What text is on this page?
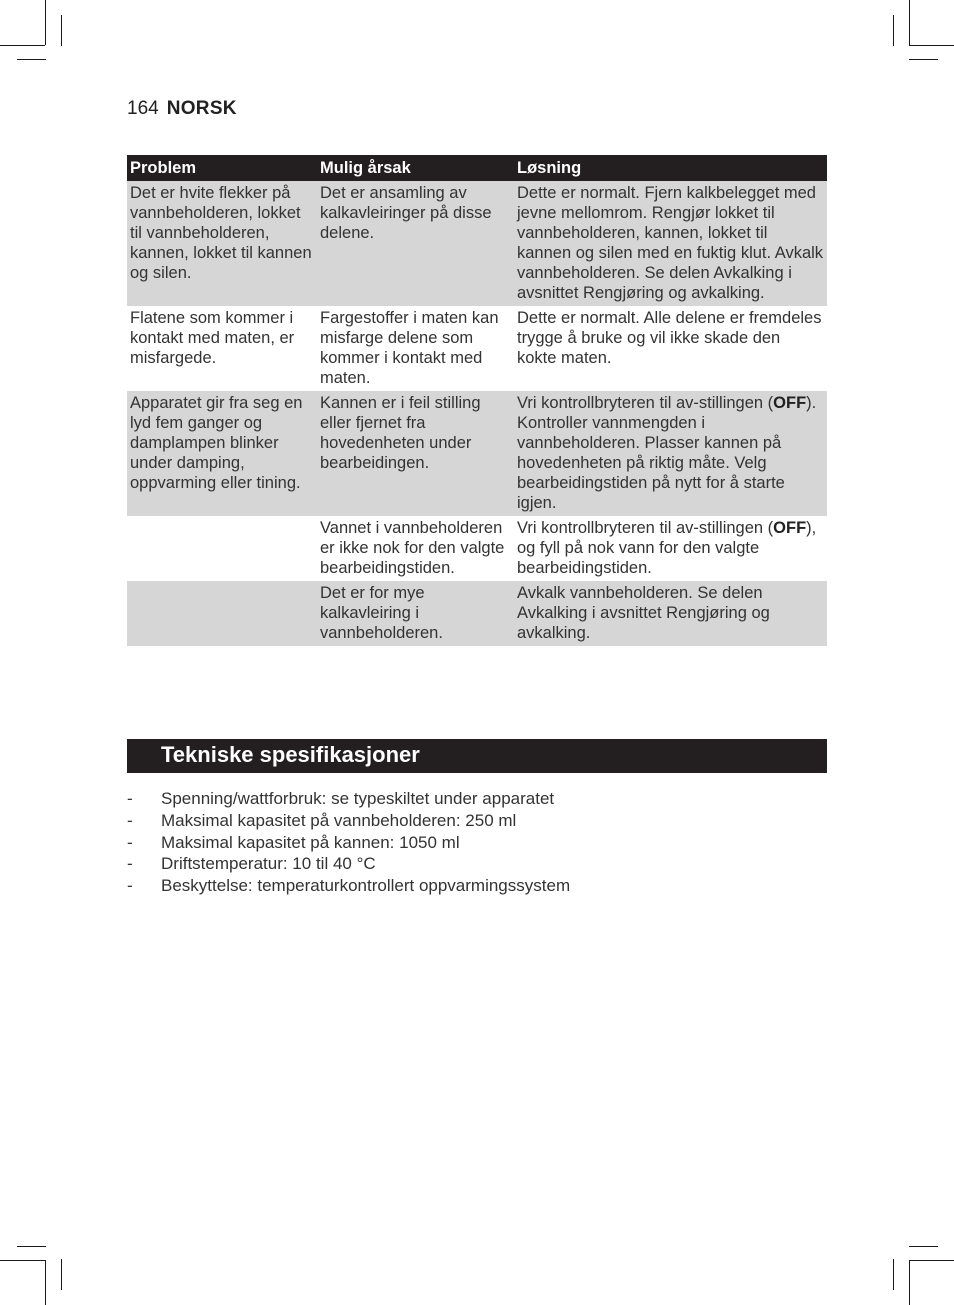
164 NORSK
Problem	Mulig årsak	Løsning
Det er hvite flekker på vannbeholderen, lokket til vannbeholderen, kannen, lokket til kannen og silen.	Det er ansamling av kalkavleiringer på disse delene.	Dette er normalt. Fjern kalkbelegget med jevne mellomrom. Rengjør lokket til vannbeholderen, kannen, lokket til kannen og silen med en fuktig klut. Avkalk vannbeholderen. Se delen Avkalking i avsnittet Rengjøring og avkalking.
Flatene som kommer i kontakt med maten, er misfargede.	Fargestoffer i maten kan misfarge delene som kommer i kontakt med maten.	Dette er normalt. Alle delene er fremdeles trygge å bruke og vil ikke skade den kokte maten.
Apparatet gir fra seg en lyd fem ganger og damplampen blinker under damping, oppvarming eller tining.	Kannen er i feil stilling eller fjernet fra hovedenheten under bearbeidingen.	Vri kontrollbryteren til av-stillingen (OFF). Kontroller vannmengden i vannbeholderen. Plasser kannen på hovedenheten på riktig måte. Velg bearbeidingstiden på nytt for å starte igjen.
	Vannet i vannbeholderen er ikke nok for den valgte bearbeidingstiden.	Vri kontrollbryteren til av-stillingen (OFF), og fyll på nok vann for den valgte bearbeidingstiden.
	Det er for mye kalkavleiring i vannbeholderen.	Avkalk vannbeholderen. Se delen Avkalking i avsnittet Rengjøring og avkalking.
Tekniske spesifikasjoner
- Spenning/wattforbruk: se typeskiltet under apparatet
- Maksimal kapasitet på vannbeholderen: 250 ml
- Maksimal kapasitet på kannen: 1050 ml
- Driftstemperatur: 10 til 40 °C
- Beskyttelse: temperaturkontrollert oppvarmingssystem
